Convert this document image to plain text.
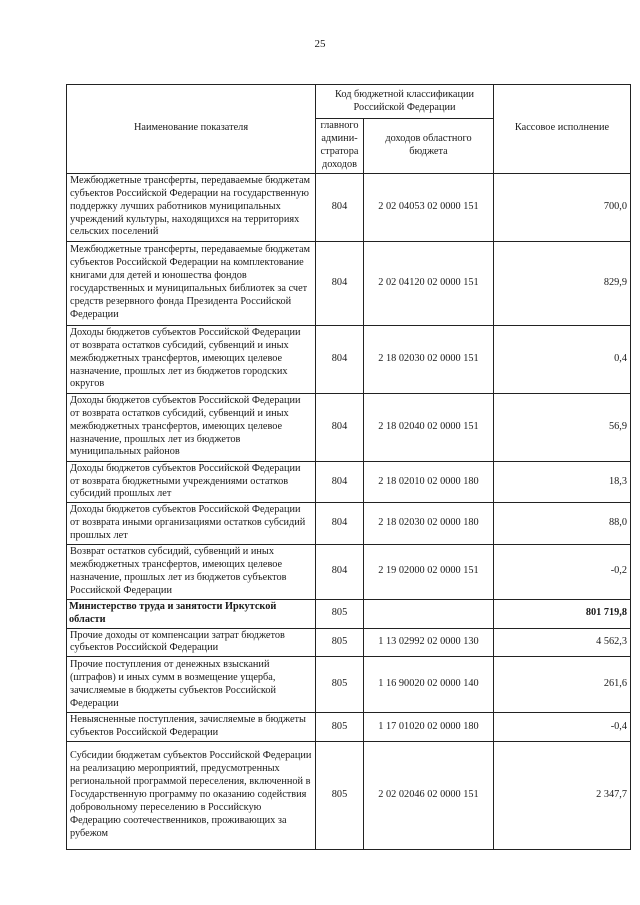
25
Наименование показателя	Код бюджетной классификации Российской Федерации		Кассовое исполнение
	главного админи-стратора доходов	доходов областного бюджета	
Межбюджетные трансферты, передаваемые бюджетам субъектов Российской Федерации на государственную поддержку лучших работников муниципальных учреждений культуры, находящихся на территориях сельских поселений	804	2 02 04053 02 0000 151	700,0
Межбюджетные трансферты, передаваемые бюджетам субъектов Российской Федерации на комплектование книгами для детей и юношества фондов государственных и муниципальных библиотек за счет средств резервного фонда Президента Российской Федерации	804	2 02 04120 02 0000 151	829,9
Доходы бюджетов субъектов Российской Федерации от возврата остатков субсидий, субвенций и иных межбюджетных трансфертов, имеющих целевое назначение, прошлых лет из бюджетов городских округов	804	2 18 02030 02 0000 151	0,4
Доходы бюджетов субъектов Российской Федерации от возврата остатков субсидий, субвенций и иных межбюджетных трансфертов, имеющих целевое назначение, прошлых лет из бюджетов муниципальных районов	804	2 18 02040 02 0000 151	56,9
Доходы бюджетов субъектов Российской Федерации от возврата бюджетными учреждениями остатков субсидий прошлых лет	804	2 18 02010 02 0000 180	18,3
Доходы бюджетов субъектов Российской Федерации от возврата иными организациями остатков субсидий прошлых лет	804	2 18 02030 02 0000 180	88,0
Возврат остатков субсидий, субвенций и иных межбюджетных трансфертов, имеющих целевое назначение, прошлых лет из бюджетов субъектов Российской Федерации	804	2 19 02000 02 0000 151	-0,2
Министерство труда и занятости Иркутской области	805		801 719,8
Прочие доходы от компенсации затрат бюджетов субъектов Российской Федерации	805	1 13 02992 02 0000 130	4 562,3
Прочие поступления от денежных взысканий (штрафов) и иных сумм в возмещение ущерба, зачисляемые в бюджеты субъектов Российской Федерации	805	1 16 90020 02 0000 140	261,6
Невыясненные поступления, зачисляемые в бюджеты субъектов Российской Федерации	805	1 17 01020 02 0000 180	-0,4
Субсидии бюджетам субъектов Российской Федерации на реализацию мероприятий, предусмотренных региональной программой переселения, включенной в Государственную программу по оказанию содействия добровольному переселению в Российскую Федерацию соотечественников, проживающих за рубежом	805	2 02 02046 02 0000 151	2 347,7
